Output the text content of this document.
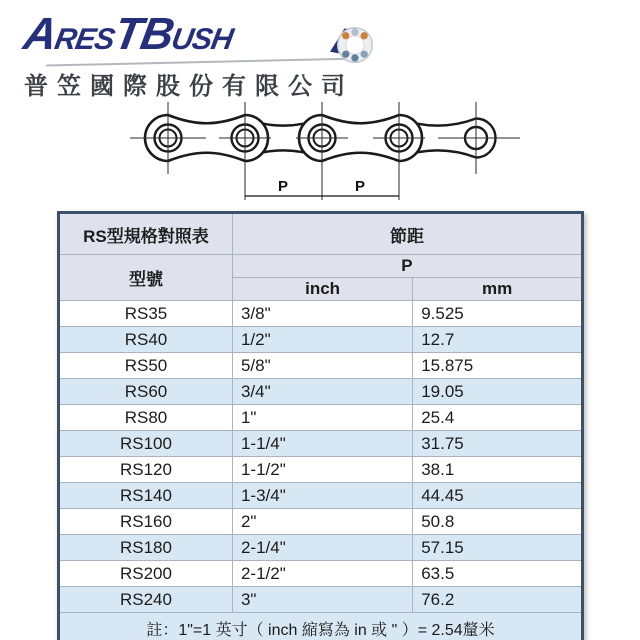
A
RES
T
B
USH
普笠國際股份有限公司
P	P
RS型規格對照表	節距	
型號	P	
	inch	mm
RS35	3/8"	9.525
RS40	1/2"	12.7
RS50	5/8"	15.875
RS60	3/4"	19.05
RS80	1"	25.4
RS100	1-1/4"	31.75
RS120	1-1/2"	38.1
RS140	1-3/4"	44.45
RS160	2"	50.8
RS180	2-1/4"	57.15
RS200	2-1/2"	63.5
RS240	3"	76.2
註：1"=1 英寸（ inch 縮寫為 in 或 " ）= 2.54釐米		
